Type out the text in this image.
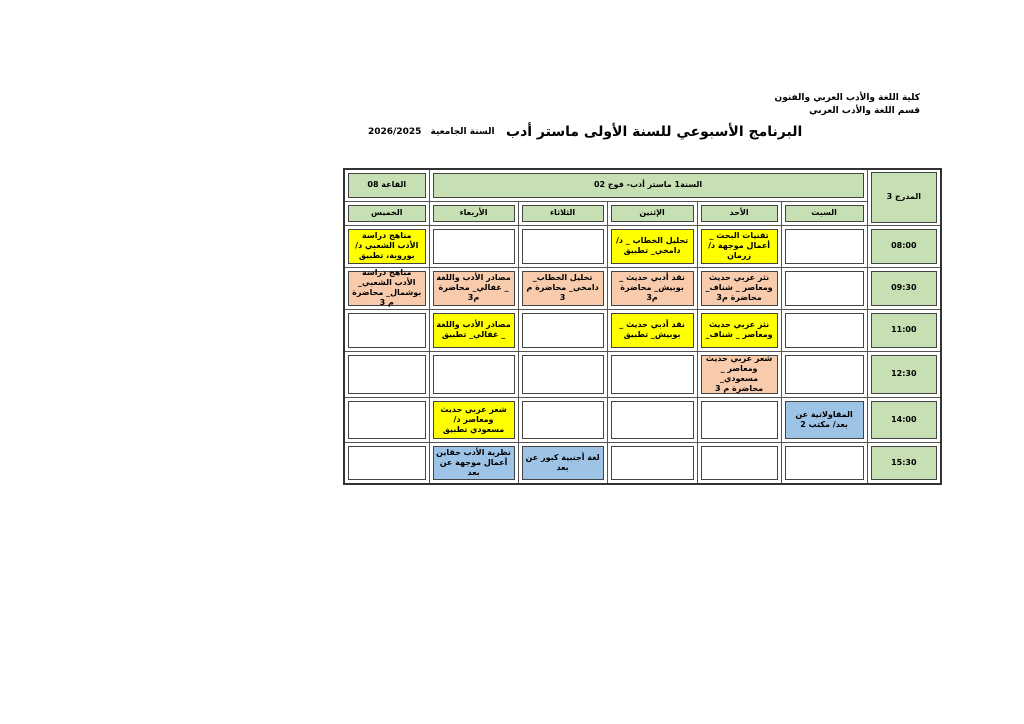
كلية اللغة والأدب العربي والفنون
قسم اللغة والأدب العربي
البرنامج الأسبوعي للسنة الأولى ماستر أدب
2026/2025 السنة الجامعية
المدرج 3	السنة1 ماستر أدب- فوج 02					القاعة 08

السبت	الأحد	الإثنين	الثلاثاء	الأربعاء	الخميس

08:00		تقنيات البحث _ أعمال موجهة د/زرمان	تحليل الخطاب _ د/ دامخي_ تطبيق			مناهج دراسة الأدب الشعبي د/بوروبة، تطبيق

09:30		نثر عربي حديث ومعاصر _ شناف_ محاضرة م3	نقد أدبي حديث _ بوبيش_ محاضرة م3	تحليل الخطاب_ دامخي_ محاضرة م 3	مصادر الأدب واللغة _ غفالي_ محاضرة م3	مناهج دراسة الأدب الشعبي_ بوشمال_ محاضرة م 3

11:00		نثر عربي حديث ومعاصر _ شناف_	نقد أدبي حديث _ بوبيش_ تطبيق		مصادر الأدب واللغة _ غفالي_ تطبيق	

12:30		شعر عربي حديث ومعاصر _ مسعودي_ محاضرة م 3				

14:00	المقاولاتية عن بعد/ مكتب 2				شعر عربي حديث ومعاصر د/ مسعودي تطبيق	

15:30				لغة أجنبية كبور عن بعد	نظرية الأدب حقاين أعمال موجهة عن بعد	
